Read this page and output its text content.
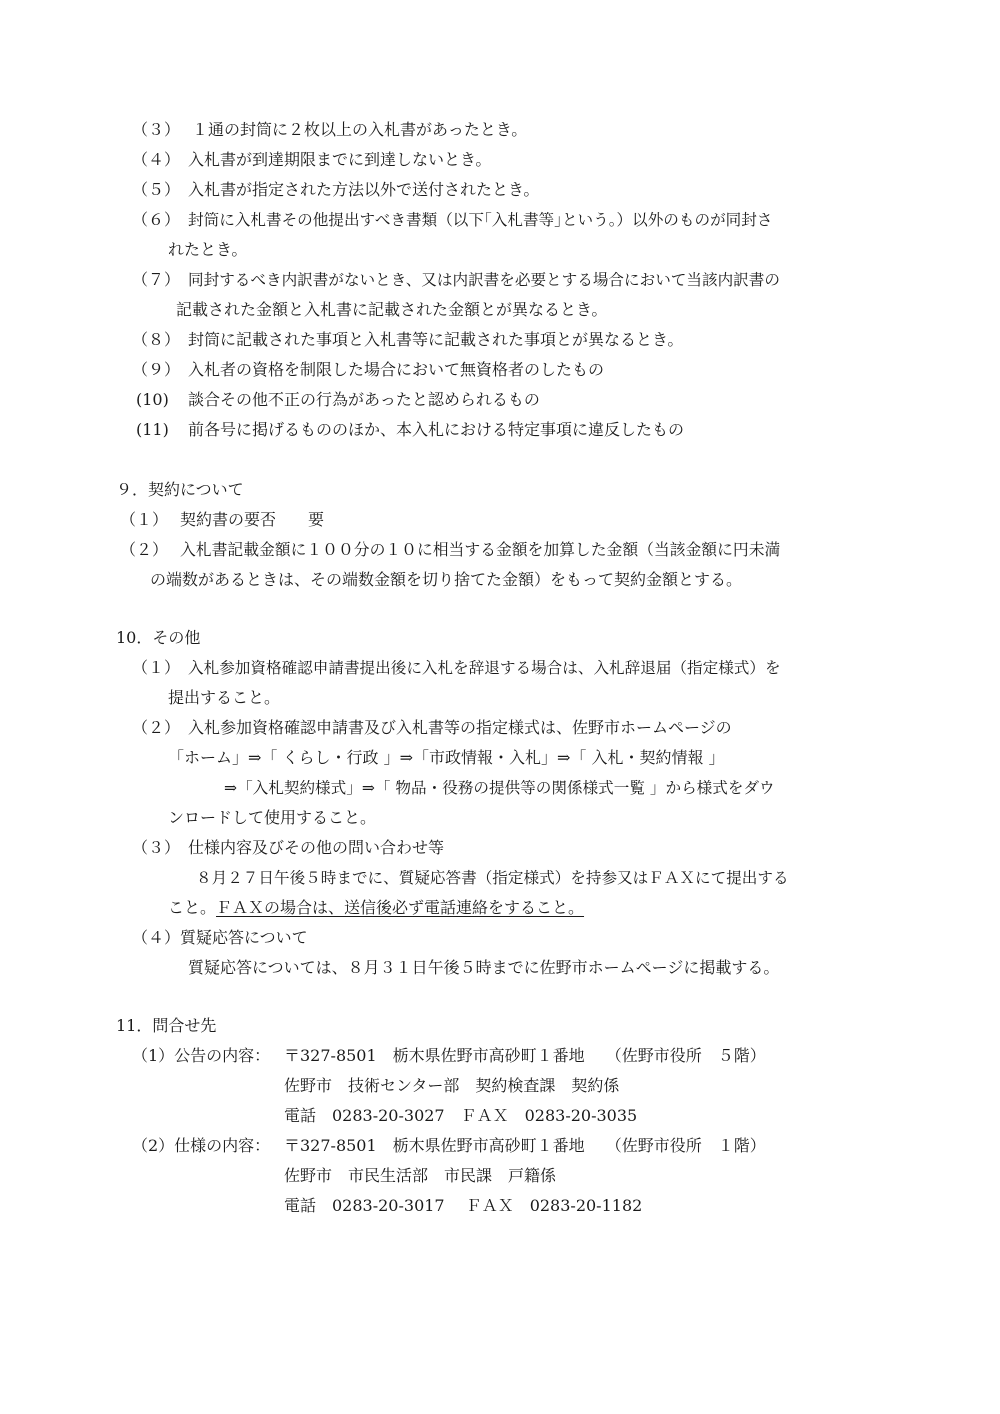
（３） １通の封筒に２枚以上の入札書があったとき。
（４） 入札書が到達期限までに到達しないとき。
（５） 入札書が指定された方法以外で送付されたとき。
（６） 封筒に入札書その他提出すべき書類（以下｢入札書等｣という。）以外のものが同封さ
れたとき。
（７） 同封するべき内訳書がないとき、又は内訳書を必要とする場合において当該内訳書の
記載された金額と入札書に記載された金額とが異なるとき。
（８） 封筒に記載された事項と入札書等に記載された事項とが異なるとき。
（９） 入札者の資格を制限した場合において無資格者のしたもの
(10) 談合その他不正の行為があったと認められるもの
(11) 前各号に掲げるもののほか、本入札における特定事項に違反したもの
９．契約について
（１） 契約書の要否　　要
（２） 入札書記載金額に１００分の１０に相当する金額を加算した金額（当該金額に円未満
の端数があるときは、その端数金額を切り捨てた金額）をもって契約金額とする。
10．その他
（１） 入札参加資格確認申請書提出後に入札を辞退する場合は、入札辞退届（指定様式）を
提出すること。
（２） 入札参加資格確認申請書及び入札書等の指定様式は、佐野市ホームページの
「ホーム」⇒「 くらし・行政 」⇒「市政情報・入札」⇒「 入札・契約情報 」
⇒「入札契約様式」⇒「 物品・役務の提供等の関係様式一覧 」から様式をダウ
ンロードして使用すること。
（３） 仕様内容及びその他の問い合わせ等
８月２７日午後５時までに、質疑応答書（指定様式）を持参又はＦＡＸにて提出する
こと。ＦＡＸの場合は、送信後必ず電話連絡をすること。
（４）質疑応答について
質疑応答については、８月３１日午後５時までに佐野市ホームページに掲載する。
11．問合せ先
（1）公告の内容： 〒327-8501　栃木県佐野市高砂町１番地　 （佐野市役所　５階）
佐野市　技術センター部　契約検査課　契約係
電話　0283-20-3027　ＦＡＸ　0283-20-3035
（2）仕様の内容： 〒327-8501　栃木県佐野市高砂町１番地　 （佐野市役所　１階）
佐野市　市民生活部　市民課　戸籍係
電話　0283-20-3017　 ＦＡＸ　0283-20-1182
